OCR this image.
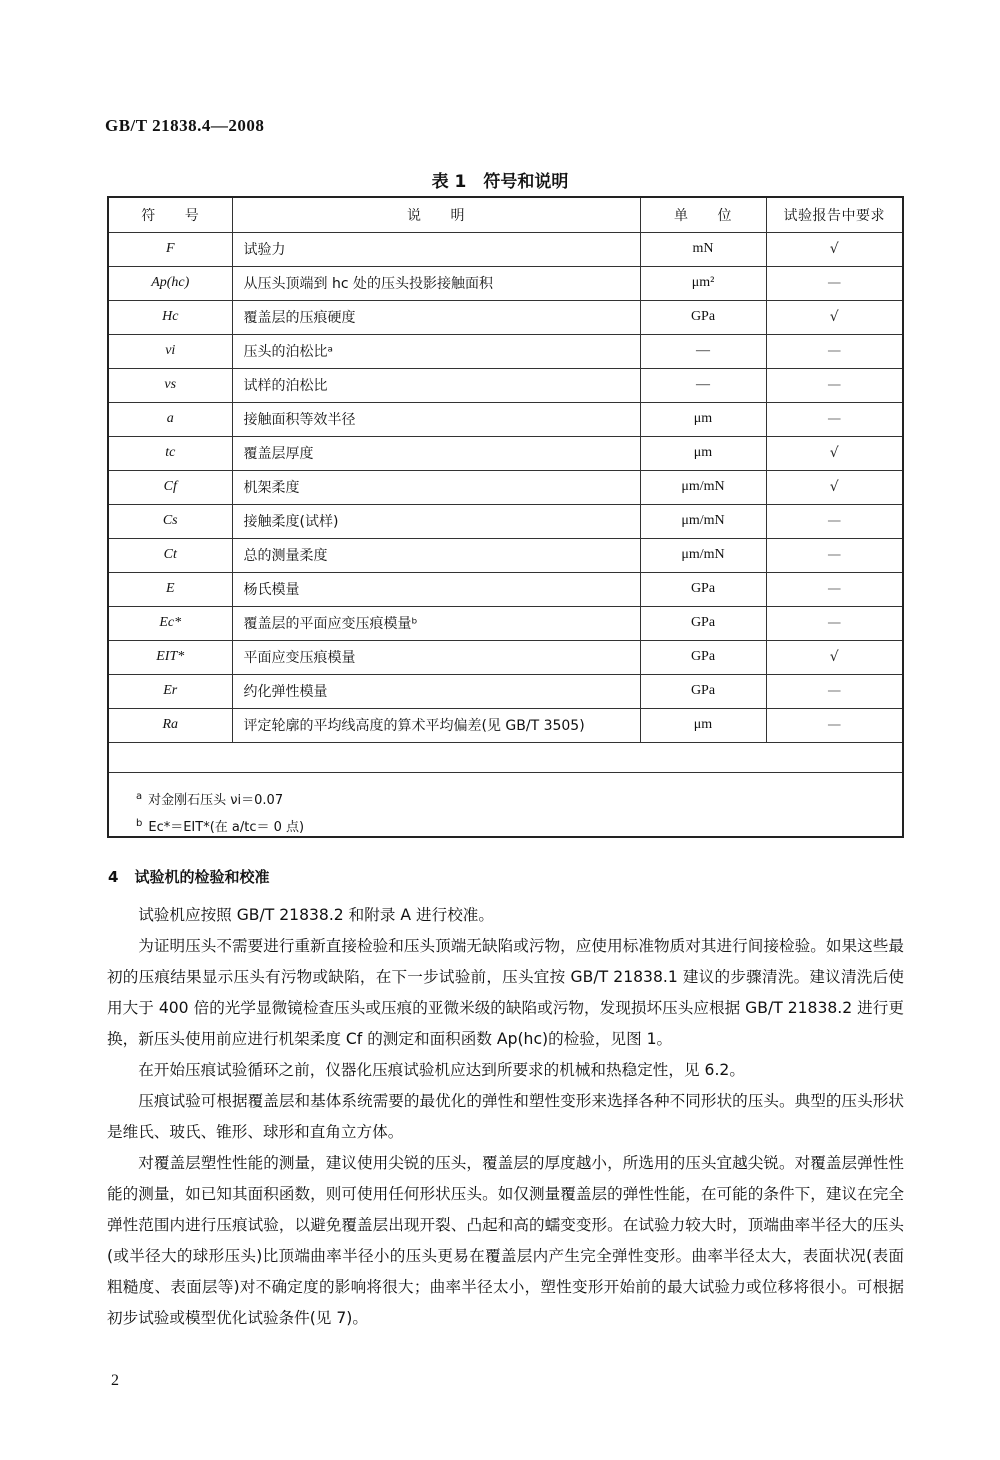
GB/T 21838.4—2008
表 1　符号和说明
符　　号	说　　明	单　　位	试验报告中要求
F	试验力	mN	√
Ap(hc)	从压头顶端到 hc 处的压头投影接触面积	μm²	—
Hc	覆盖层的压痕硬度	GPa	√
νi	压头的泊松比ᵃ	—	—
νs	试样的泊松比	—	—
a	接触面积等效半径	μm	—
tc	覆盖层厚度	μm	√
Cf	机架柔度	μm/mN	√
Cs	接触柔度(试样)	μm/mN	—
Ct	总的测量柔度	μm/mN	—
E	杨氏模量	GPa	—
Ec*	覆盖层的平面应变压痕模量ᵇ	GPa	—
EIT*	平面应变压痕模量	GPa	√
Er	约化弹性模量	GPa	—
Ra	评定轮廓的平均线高度的算术平均偏差(见 GB/T 3505)	μm	—
$^a$ 对金刚石压头 νi＝0.07
$^b$ Ec*＝EIT*(在 a/tc＝ 0 点)
4 试验机的检验和校准

试验机应按照 GB/T 21838.2 和附录 A 进行校准。

为证明压头不需要进行重新直接检验和压头顶端无缺陷或污物，应使用标准物质对其进行间接检验。如果这些最初的压痕结果显示压头有污物或缺陷，在下一步试验前，压头宜按 GB/T 21838.1 建议的步骤清洗。建议清洗后使用大于 400 倍的光学显微镜检查压头或压痕的亚微米级的缺陷或污物，发现损坏压头应根据 GB/T 21838.2 进行更换，新压头使用前应进行机架柔度 Cf 的测定和面积函数 Ap(hc)的检验，见图 1。

在开始压痕试验循环之前，仪器化压痕试验机应达到所要求的机械和热稳定性，见 6.2。

压痕试验可根据覆盖层和基体系统需要的最优化的弹性和塑性变形来选择各种不同形状的压头。典型的压头形状是维氏、玻氏、锥形、球形和直角立方体。

对覆盖层塑性性能的测量，建议使用尖锐的压头，覆盖层的厚度越小，所选用的压头宜越尖锐。对覆盖层弹性性能的测量，如已知其面积函数，则可使用任何形状压头。如仅测量覆盖层的弹性性能，在可能的条件下，建议在完全弹性范围内进行压痕试验，以避免覆盖层出现开裂、凸起和高的蠕变变形。在试验力较大时，顶端曲率半径大的压头(或半径大的球形压头)比顶端曲率半径小的压头更易在覆盖层内产生完全弹性变形。曲率半径太大，表面状况(表面粗糙度、表面层等)对不确定度的影响将很大；曲率半径太小，塑性变形开始前的最大试验力或位移将很小。可根据初步试验或模型优化试验条件(见 7)。

2
